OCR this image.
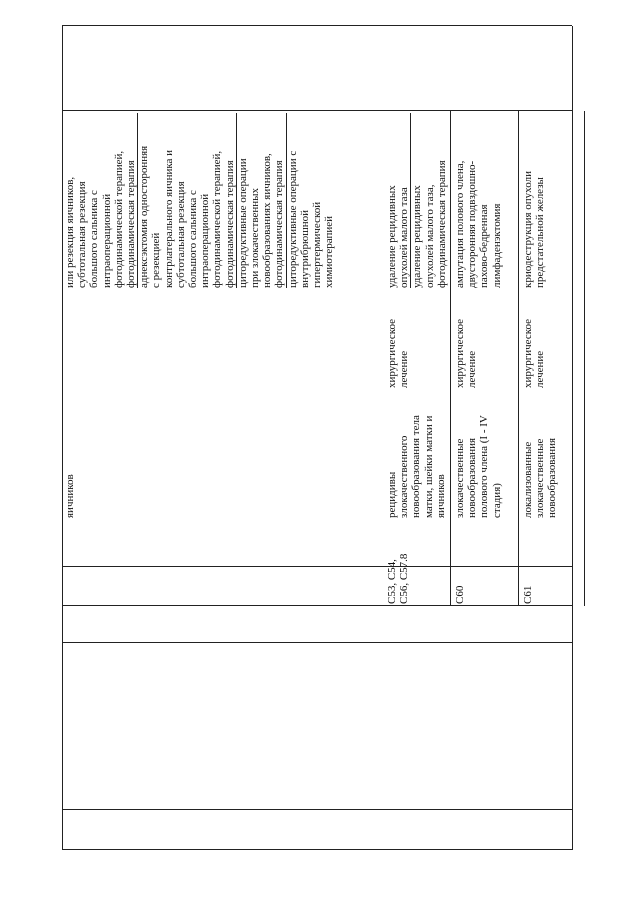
яичников
или резекция яичников, субтотальная резекция большого сальника с интраоперационной фотодинамической терапией, фотодинамическая терапия аднексэктомия односторонняя с резекцией контрлатерального яичника и субтотальная резекция большого сальника с интраоперационной фотодинамической терапией, фотодинамическая терапия циторедуктивные операции при злокачественных новообразованиях яичников, фотодинамическая терапия циторедуктивные операции с внутрибрюшной гипертермической химиотерапией
C53, C54, C56, C57.8
рецидивы злокачественного новообразования тела матки, шейки матки и яичников
хирургическое лечение
удаление рецидивных опухолей малого таза удаление рецидивных опухолей малого таза, фотодинамическая терапия
C60
злокачественные новообразования полового члена (I - IV стадия)
хирургическое лечение
ампутация полового члена, двусторонняя подвздошно- пахово-бедренная лимфаденэктомия
C61
локализованные злокачественные новообразования
хирургическое лечение
криодеструкция опухоли предстательной железы
